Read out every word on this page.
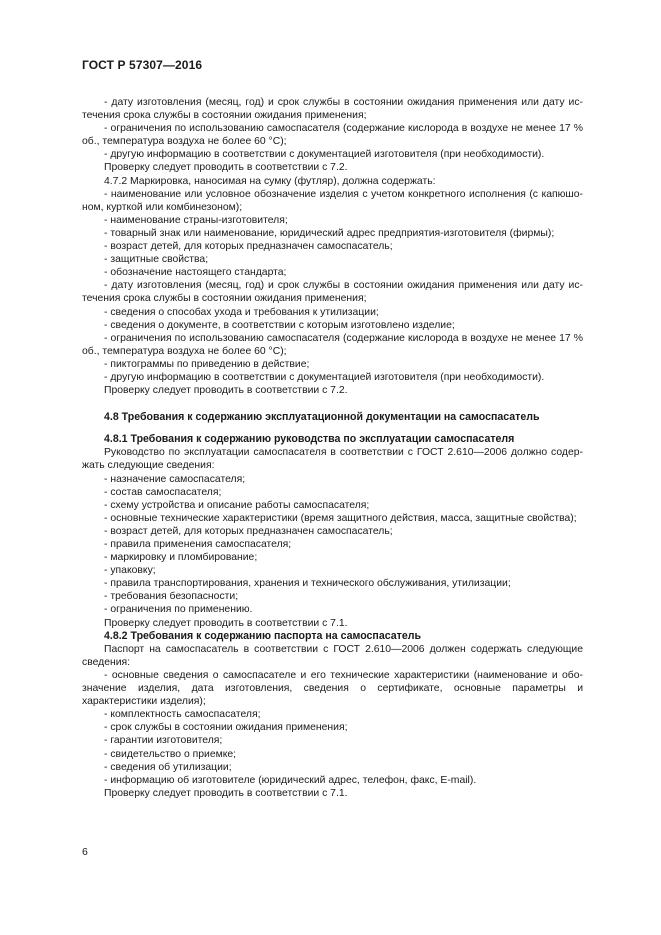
ГОСТ Р 57307—2016
- дату изготовления (месяц, год) и срок службы в состоянии ожидания применения или дату истечения срока службы в состоянии ожидания применения;
- ограничения по использованию самоспасателя (содержание кислорода в воздухе не менее 17 % об., температура воздуха не более 60 °С);
- другую информацию в соответствии с документацией изготовителя (при необходимости).
Проверку следует проводить в соответствии с 7.2.
4.7.2 Маркировка, наносимая на сумку (футляр), должна содержать:
- наименование или условное обозначение изделия с учетом конкретного исполнения (с капюшоном, курткой или комбинезоном);
- наименование страны-изготовителя;
- товарный знак или наименование, юридический адрес предприятия-изготовителя (фирмы);
- возраст детей, для которых предназначен самоспасатель;
- защитные свойства;
- обозначение настоящего стандарта;
- дату изготовления (месяц, год) и срок службы в состоянии ожидания применения или дату истечения срока службы в состоянии ожидания применения;
- сведения о способах ухода и требования к утилизации;
- сведения о документе, в соответствии с которым изготовлено изделие;
- ограничения по использованию самоспасателя (содержание кислорода в воздухе не менее 17 % об., температура воздуха не более 60 °С);
- пиктограммы по приведению в действие;
- другую информацию в соответствии с документацией изготовителя (при необходимости).
Проверку следует проводить в соответствии с 7.2.
4.8 Требования к содержанию эксплуатационной документации на самоспасатель
4.8.1 Требования к содержанию руководства по эксплуатации самоспасателя
Руководство по эксплуатации самоспасателя в соответствии с ГОСТ 2.610—2006 должно содержать следующие сведения:
- назначение самоспасателя;
- состав самоспасателя;
- схему устройства и описание работы самоспасателя;
- основные технические характеристики (время защитного действия, масса, защитные свойства);
- возраст детей, для которых предназначен самоспасатель;
- правила применения самоспасателя;
- маркировку и пломбирование;
- упаковку;
- правила транспортирования, хранения и технического обслуживания, утилизации;
- требования безопасности;
- ограничения по применению.
Проверку следует проводить в соответствии с 7.1.
4.8.2 Требования к содержанию паспорта на самоспасатель
Паспорт на самоспасатель в соответствии с ГОСТ 2.610—2006 должен содержать следующие сведения:
- основные сведения о самоспасателе и его технические характеристики (наименование и обозначение изделия, дата изготовления, сведения о сертификате, основные параметры и характеристики изделия);
- комплектность самоспасателя;
- срок службы в состоянии ожидания применения;
- гарантии изготовителя;
- свидетельство о приемке;
- сведения об утилизации;
- информацию об изготовителе (юридический адрес, телефон, факс, E-mail).
Проверку следует проводить в соответствии с 7.1.
6
